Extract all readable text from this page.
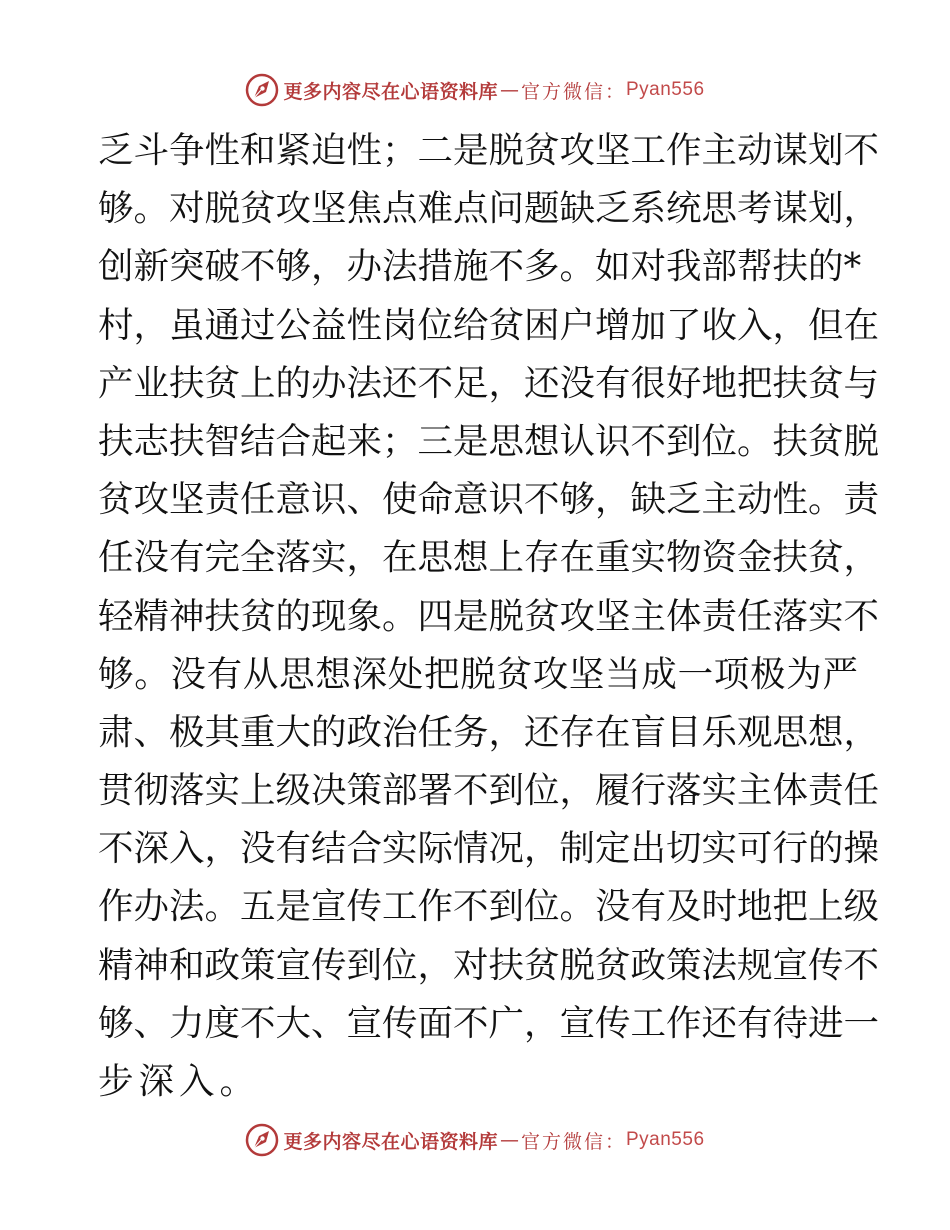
更多内容尽在心语资料库 — 官方微信： Pyan556
乏斗争性和紧迫性；二是脱贫攻坚工作主动谋划不
够。对脱贫攻坚焦点难点问题缺乏系统思考谋划，
创新突破不够，办法措施不多。如对我部帮扶的*
村，虽通过公益性岗位给贫困户增加了收入，但在
产业扶贫上的办法还不足，还没有很好地把扶贫与
扶志扶智结合起来；三是思想认识不到位。扶贫脱
贫攻坚责任意识、使命意识不够，缺乏主动性。责
任没有完全落实，在思想上存在重实物资金扶贫，
轻精神扶贫的现象。四是脱贫攻坚主体责任落实不
够。没有从思想深处把脱贫攻坚当成一项极为严
肃、极其重大的政治任务，还存在盲目乐观思想，
贯彻落实上级决策部署不到位，履行落实主体责任
不深入，没有结合实际情况，制定出切实可行的操
作办法。五是宣传工作不到位。没有及时地把上级
精神和政策宣传到位，对扶贫脱贫政策法规宣传不
够、力度不大、宣传面不广，宣传工作还有待进一
步深入。
更多内容尽在心语资料库 — 官方微信： Pyan556
